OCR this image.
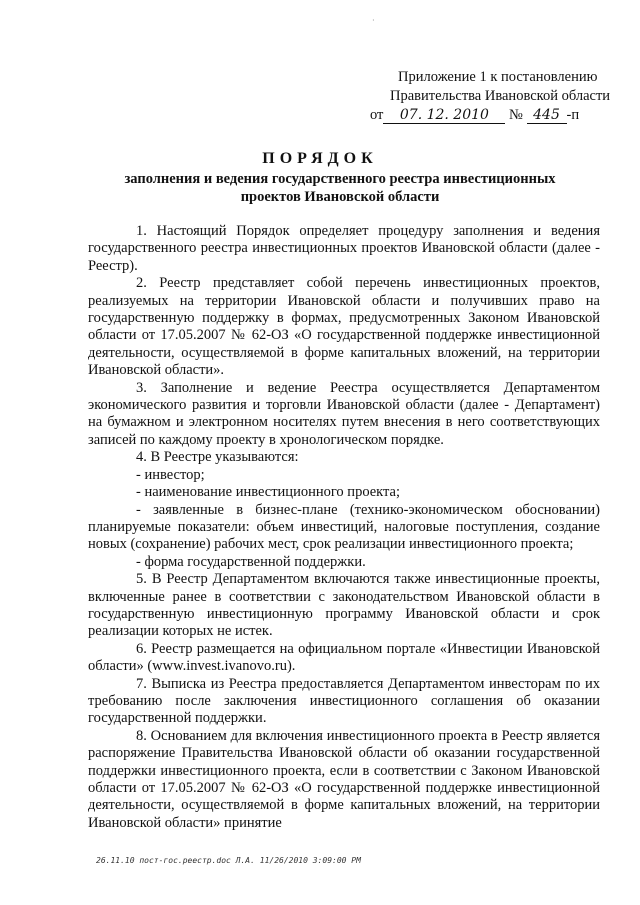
·
Приложение 1 к постановлению
Правительства Ивановской области
от 07. 12. 2010 № 445 -п
ПОРЯДОК
заполнения и ведения государственного реестра инвестиционных проектов Ивановской области

1. Настоящий Порядок определяет процедуру заполнения и ведения государственного реестра инвестиционных проектов Ивановской области (далее - Реестр).

2. Реестр представляет собой перечень инвестиционных проектов, реализуемых на территории Ивановской области и получивших право на государственную поддержку в формах, предусмотренных Законом Ивановской области от 17.05.2007 № 62-ОЗ «О государственной поддержке инвестиционной деятельности, осуществляемой в форме капитальных вложений, на территории Ивановской области».

3. Заполнение и ведение Реестра осуществляется Департаментом экономического развития и торговли Ивановской области (далее - Департамент) на бумажном и электронном носителях путем внесения в него соответствующих записей по каждому проекту в хронологическом порядке.

4. В Реестре указываются:

- инвестор;

- наименование инвестиционного проекта;

- заявленные в бизнес-плане (технико-экономическом обосновании) планируемые показатели: объем инвестиций, налоговые поступления, создание новых (сохранение) рабочих мест, срок реализации инвестиционного проекта;

- форма государственной поддержки.

5. В Реестр Департаментом включаются также инвестиционные проекты, включенные ранее в соответствии с законодательством Ивановской области в государственную инвестиционную программу Ивановской области и срок реализации которых не истек.

6. Реестр размещается на официальном портале «Инвестиции Ивановской области» (www.invest.ivanovo.ru).

7. Выписка из Реестра предоставляется Департаментом инвесторам по их требованию после заключения инвестиционного соглашения об оказании государственной поддержки.

8. Основанием для включения инвестиционного проекта в Реестр является распоряжение Правительства Ивановской области об оказании государственной поддержки инвестиционного проекта, если в соответствии с Законом Ивановской области от 17.05.2007 № 62-ОЗ «О государственной поддержке инвестиционной деятельности, осуществляемой в форме капитальных вложений, на территории Ивановской области» принятие

26.11.10 пост-гос.реестр.doc Л.А. 11/26/2010 3:09:00 PM
